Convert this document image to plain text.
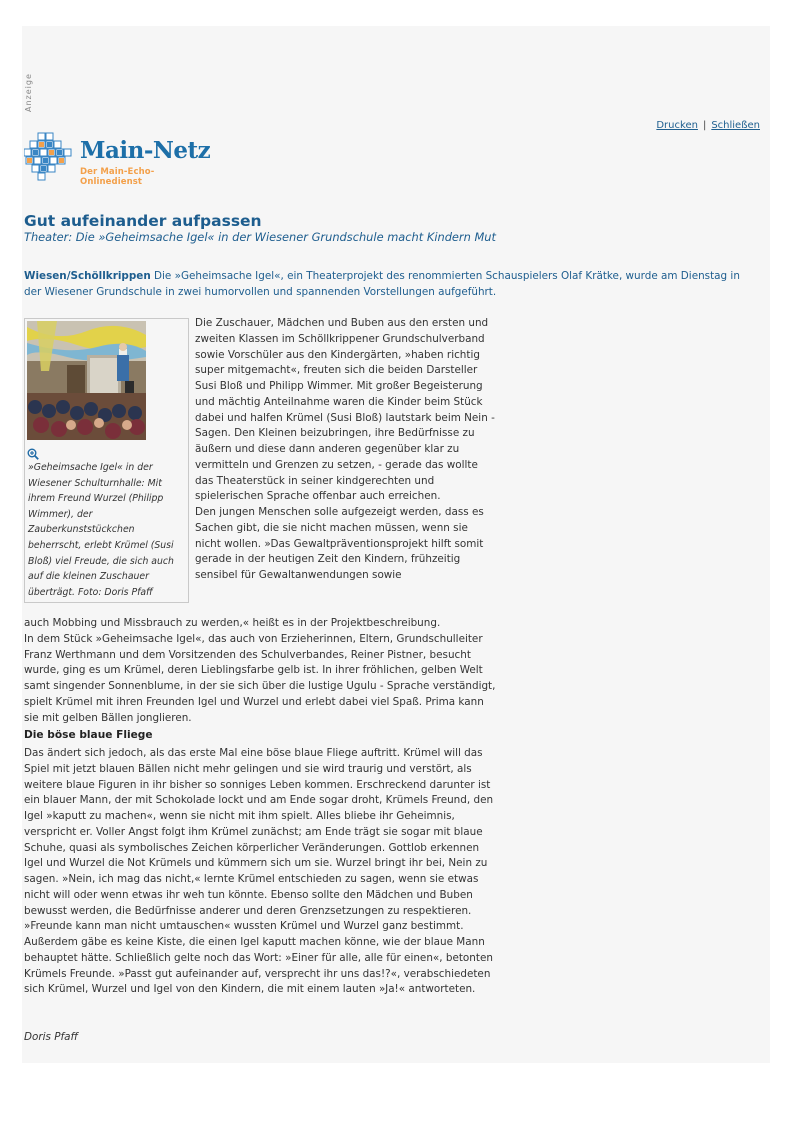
Anzeige
Drucken | Schließen
Main-Netz
Der Main-Echo-Onlinedienst
Gut aufeinander aufpassen
Theater: Die »Geheimsache Igel« in der Wiesener Grundschule macht Kindern Mut
Wiesen/Schöllkrippen Die »Geheimsache Igel«, ein Theaterprojekt des renommierten Schauspielers Olaf Krätke, wurde am Dienstag in der Wiesener Grundschule in zwei humorvollen und spannenden Vorstellungen aufgeführt.
»Geheimsache Igel« in der Wiesener Schulturnhalle: Mit ihrem Freund Wurzel (Philipp Wimmer), der Zauberkunststückchen beherrscht, erlebt Krümel (Susi Bloß) viel Freude, die sich auch auf die kleinen Zuschauer überträgt. Foto: Doris Pfaff
Die Zuschauer, Mädchen und Buben aus den ersten und zweiten Klassen im Schöllkrippener Grundschulverband sowie Vorschüler aus den Kindergärten, »haben richtig super mitgemacht«, freuten sich die beiden Darsteller Susi Bloß und Philipp Wimmer. Mit großer Begeisterung und mächtig Anteilnahme waren die Kinder beim Stück dabei und halfen Krümel (Susi Bloß) lautstark beim Nein - Sagen. Den Kleinen beizubringen, ihre Bedürfnisse zu äußern und diese dann anderen gegenüber klar zu vermitteln und Grenzen zu setzen, - gerade das wollte das Theaterstück in seiner kindgerechten und spielerischen Sprache offenbar auch erreichen.
Den jungen Menschen solle aufgezeigt werden, dass es Sachen gibt, die sie nicht machen müssen, wenn sie nicht wollen. »Das Gewaltpräventionsprojekt hilft somit gerade in der heutigen Zeit den Kindern, frühzeitig sensibel für Gewaltanwendungen sowie
auch Mobbing und Missbrauch zu werden,« heißt es in der Projektbeschreibung.
In dem Stück »Geheimsache Igel«, das auch von Erzieherinnen, Eltern, Grundschulleiter Franz Werthmann und dem Vorsitzenden des Schulverbandes, Reiner Pistner, besucht wurde, ging es um Krümel, deren Lieblingsfarbe gelb ist. In ihrer fröhlichen, gelben Welt samt singender Sonnenblume, in der sie sich über die lustige Ugulu - Sprache verständigt, spielt Krümel mit ihren Freunden Igel und Wurzel und erlebt dabei viel Spaß. Prima kann sie mit gelben Bällen jonglieren.
Die böse blaue Fliege
Das ändert sich jedoch, als das erste Mal eine böse blaue Fliege auftritt. Krümel will das Spiel mit jetzt blauen Bällen nicht mehr gelingen und sie wird traurig und verstört, als weitere blaue Figuren in ihr bisher so sonniges Leben kommen. Erschreckend darunter ist ein blauer Mann, der mit Schokolade lockt und am Ende sogar droht, Krümels Freund, den Igel »kaputt zu machen«, wenn sie nicht mit ihm spielt. Alles bliebe ihr Geheimnis, verspricht er. Voller Angst folgt ihm Krümel zunächst; am Ende trägt sie sogar mit blaue Schuhe, quasi als symbolisches Zeichen körperlicher Veränderungen. Gottlob erkennen Igel und Wurzel die Not Krümels und kümmern sich um sie. Wurzel bringt ihr bei, Nein zu sagen. »Nein, ich mag das nicht,« lernte Krümel entschieden zu sagen, wenn sie etwas nicht will oder wenn etwas ihr weh tun könnte. Ebenso sollte den Mädchen und Buben bewusst werden, die Bedürfnisse anderer und deren Grenzsetzungen zu respektieren. »Freunde kann man nicht umtauschen« wussten Krümel und Wurzel ganz bestimmt. Außerdem gäbe es keine Kiste, die einen Igel kaputt machen könne, wie der blaue Mann behauptet hätte. Schließlich gelte noch das Wort: »Einer für alle, alle für einen«, betonten Krümels Freunde. »Passt gut aufeinander auf, versprecht ihr uns das!?«, verabschiedeten sich Krümel, Wurzel und Igel von den Kindern, die mit einem lauten »Ja!« antworteten.
Doris Pfaff
